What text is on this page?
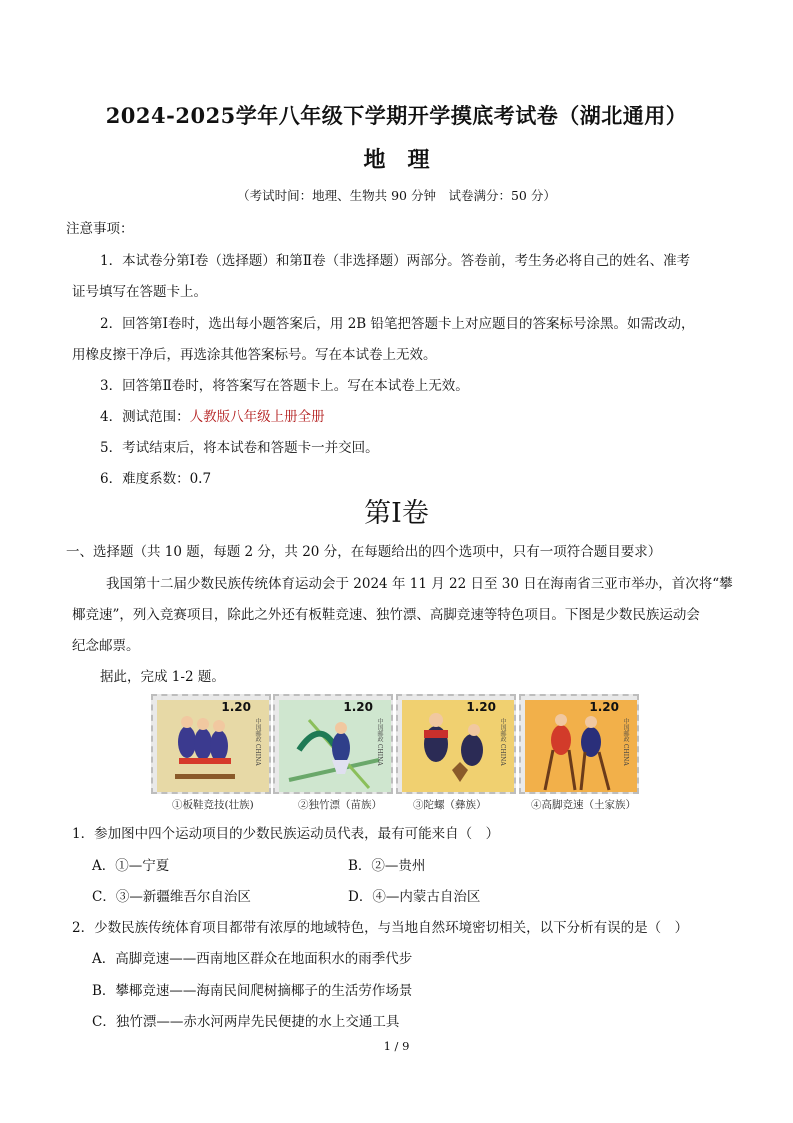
2024-2025学年八年级下学期开学摸底考试卷（湖北通用）
地　理
（考试时间：地理、生物共 90 分钟　试卷满分：50 分）
注意事项：
1．本试卷分第Ⅰ卷（选择题）和第Ⅱ卷（非选择题）两部分。答卷前，考生务必将自己的姓名、准考
证号填写在答题卡上。
2．回答第Ⅰ卷时，选出每小题答案后，用 2B 铅笔把答题卡上对应题目的答案标号涂黑。如需改动，
用橡皮擦干净后，再选涂其他答案标号。写在本试卷上无效。
3．回答第Ⅱ卷时，将答案写在答题卡上。写在本试卷上无效。
4．测试范围：人教版八年级上册全册
5．考试结束后，将本试卷和答题卡一并交回。
6．难度系数：0.7
第Ⅰ卷
一、选择题（共 10 题，每题 2 分，共 20 分，在每题给出的四个选项中，只有一项符合题目要求）
我国第十二届少数民族传统体育运动会于 2024 年 11 月 22 日至 30 日在海南省三亚市举办，首次将“攀
椰竞速”，列入竞赛项目，除此之外还有板鞋竞速、独竹漂、高脚竞速等特色项目。下图是少数民族运动会
纪念邮票。
据此，完成 1-2 题。
1.20
中国邮政 CHINA
1.20
中国邮政 CHINA
1.20
中国邮政 CHINA
1.20
中国邮政 CHINA
①板鞋竞技(壮族)	②独竹漂（苗族）	③陀螺（彝族）	④高脚竞速（土家族）
1．参加图中四个运动项目的少数民族运动员代表，最有可能来自（　）
A．①—宁夏	B．②—贵州
C．③—新疆维吾尔自治区	D．④—内蒙古自治区
2．少数民族传统体育项目都带有浓厚的地域特色，与当地自然环境密切相关，以下分析有误的是（　）
A．高脚竞速——西南地区群众在地面积水的雨季代步
B．攀椰竞速——海南民间爬树摘椰子的生活劳作场景
C．独竹漂——赤水河两岸先民便捷的水上交通工具
1 / 9
